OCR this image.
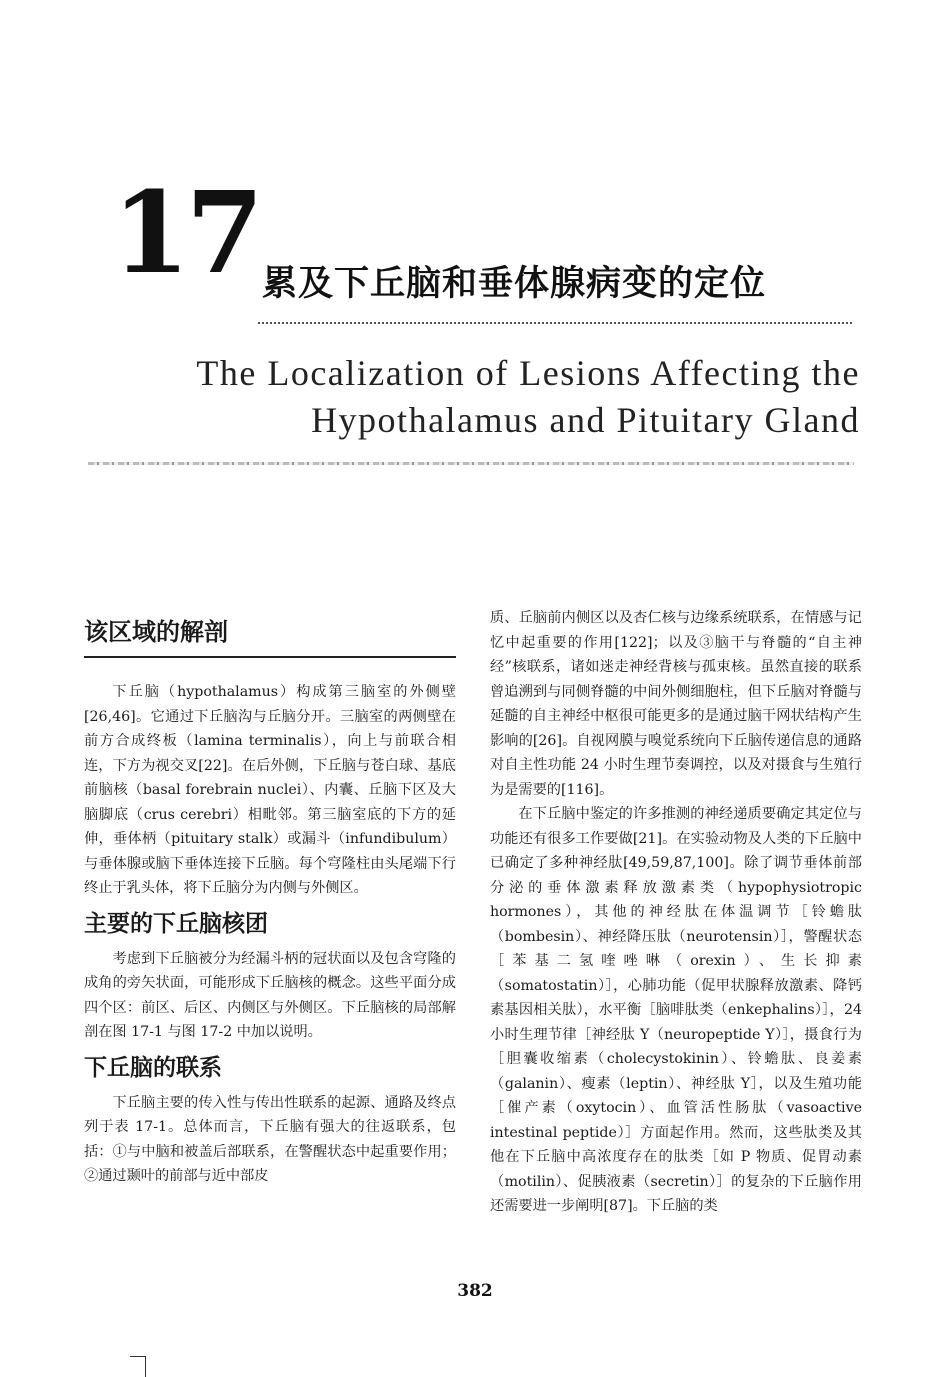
17 累及下丘脑和垂体腺病变的定位
The Localization of Lesions Affecting the
Hypothalamus and Pituitary Gland
该区域的解剖

下丘脑（hypothalamus）构成第三脑室的外侧壁[26,46]。它通过下丘脑沟与丘脑分开。三脑室的两侧壁在前方合成终板（lamina terminalis），向上与前联合相连，下方为视交叉[22]。在后外侧，下丘脑与苍白球、基底前脑核（basal forebrain nuclei）、内囊、丘脑下区及大脑脚底（crus cerebri）相毗邻。第三脑室底的下方的延伸，垂体柄（pituitary stalk）或漏斗（infundibulum）与垂体腺或脑下垂体连接下丘脑。每个穹隆柱由头尾端下行终止于乳头体，将下丘脑分为内侧与外侧区。

主要的下丘脑核团

考虑到下丘脑被分为经漏斗柄的冠状面以及包含穹隆的成角的旁矢状面，可能形成下丘脑核的概念。这些平面分成四个区：前区、后区、内侧区与外侧区。下丘脑核的局部解剖在图 17-1 与图 17-2 中加以说明。

下丘脑的联系

下丘脑主要的传入性与传出性联系的起源、通路及终点列于表 17-1。总体而言，下丘脑有强大的往返联系，包括：①与中脑和被盖后部联系，在警醒状态中起重要作用；②通过颞叶的前部与近中部皮

质、丘脑前内侧区以及杏仁核与边缘系统联系，在情感与记忆中起重要的作用[122]；以及③脑干与脊髓的“自主神经”核联系，诸如迷走神经背核与孤束核。虽然直接的联系曾追溯到与同侧脊髓的中间外侧细胞柱，但下丘脑对脊髓与延髓的自主神经中枢很可能更多的是通过脑干网状结构产生影响的[26]。自视网膜与嗅觉系统向下丘脑传递信息的通路对自主性功能 24 小时生理节奏调控，以及对摄食与生殖行为是需要的[116]。

在下丘脑中鉴定的许多推测的神经递质要确定其定位与功能还有很多工作要做[21]。在实验动物及人类的下丘脑中已确定了多种神经肽[49,59,87,100]。除了调节垂体前部分泌的垂体激素释放激素类（hypophysiotropic hormones），其他的神经肽在体温调节［铃蟾肽（bombesin）、神经降压肽（neurotensin）］，警醒状态［苯基二氢喹唑啉（orexin）、生长抑素（somatostatin）］，心肺功能（促甲状腺释放激素、降钙素基因相关肽），水平衡［脑啡肽类（enkephalins）］，24 小时生理节律［神经肽 Y（neuropeptide Y）］，摄食行为［胆囊收缩素（cholecystokinin）、铃蟾肽、良姜素（galanin）、瘦素（leptin）、神经肽 Y］，以及生殖功能［催产素（oxytocin）、血管活性肠肽（vasoactive intestinal peptide）］方面起作用。然而，这些肽类及其他在下丘脑中高浓度存在的肽类［如 P 物质、促胃动素（motilin）、促胰液素（secretin）］的复杂的下丘脑作用还需要进一步阐明[87]。下丘脑的类

382
